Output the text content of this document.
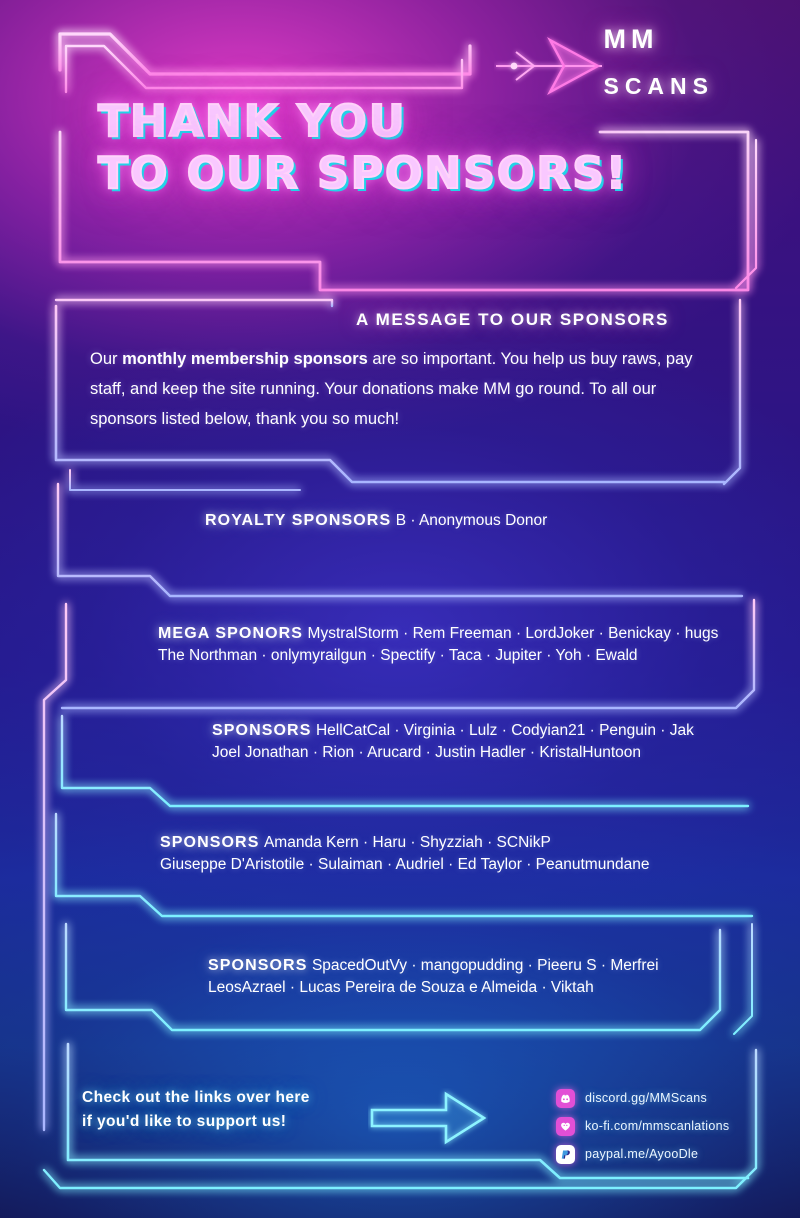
MM
SCANS
THANK YOU
TO OUR SPONSORS!
A MESSAGE TO OUR SPONSORS
Our monthly membership sponsors are so important. You help us buy raws, pay staff, and keep the site running. Your donations make MM go round. To all our sponsors listed below, thank you so much!
ROYALTY SPONSORS B · Anonymous Donor
MEGA SPONORS MystralStorm · Rem Freeman · LordJoker · Benickay · hugs
The Northman · onlymyrailgun · Spectify · Taca · Jupiter · Yoh · Ewald
SPONSORS HellCatCal · Virginia · Lulz · Codyian21 · Penguin · Jak
Joel Jonathan · Rion · Arucard · Justin Hadler · KristalHuntoon
SPONSORS Amanda Kern · Haru · Shyzziah · SCNikP
Giuseppe D'Aristotile · Sulaiman · Audriel · Ed Taylor · Peanutmundane
SPONSORS SpacedOutVy · mangopudding · Pieeru S · Merfrei
LeosAzrael · Lucas Pereira de Souza e Almeida · Viktah
Check out the links over here
if you'd like to support us!
discord.gg/MMScans
ko-fi.com/mmscanlations
paypal.me/AyooDle
